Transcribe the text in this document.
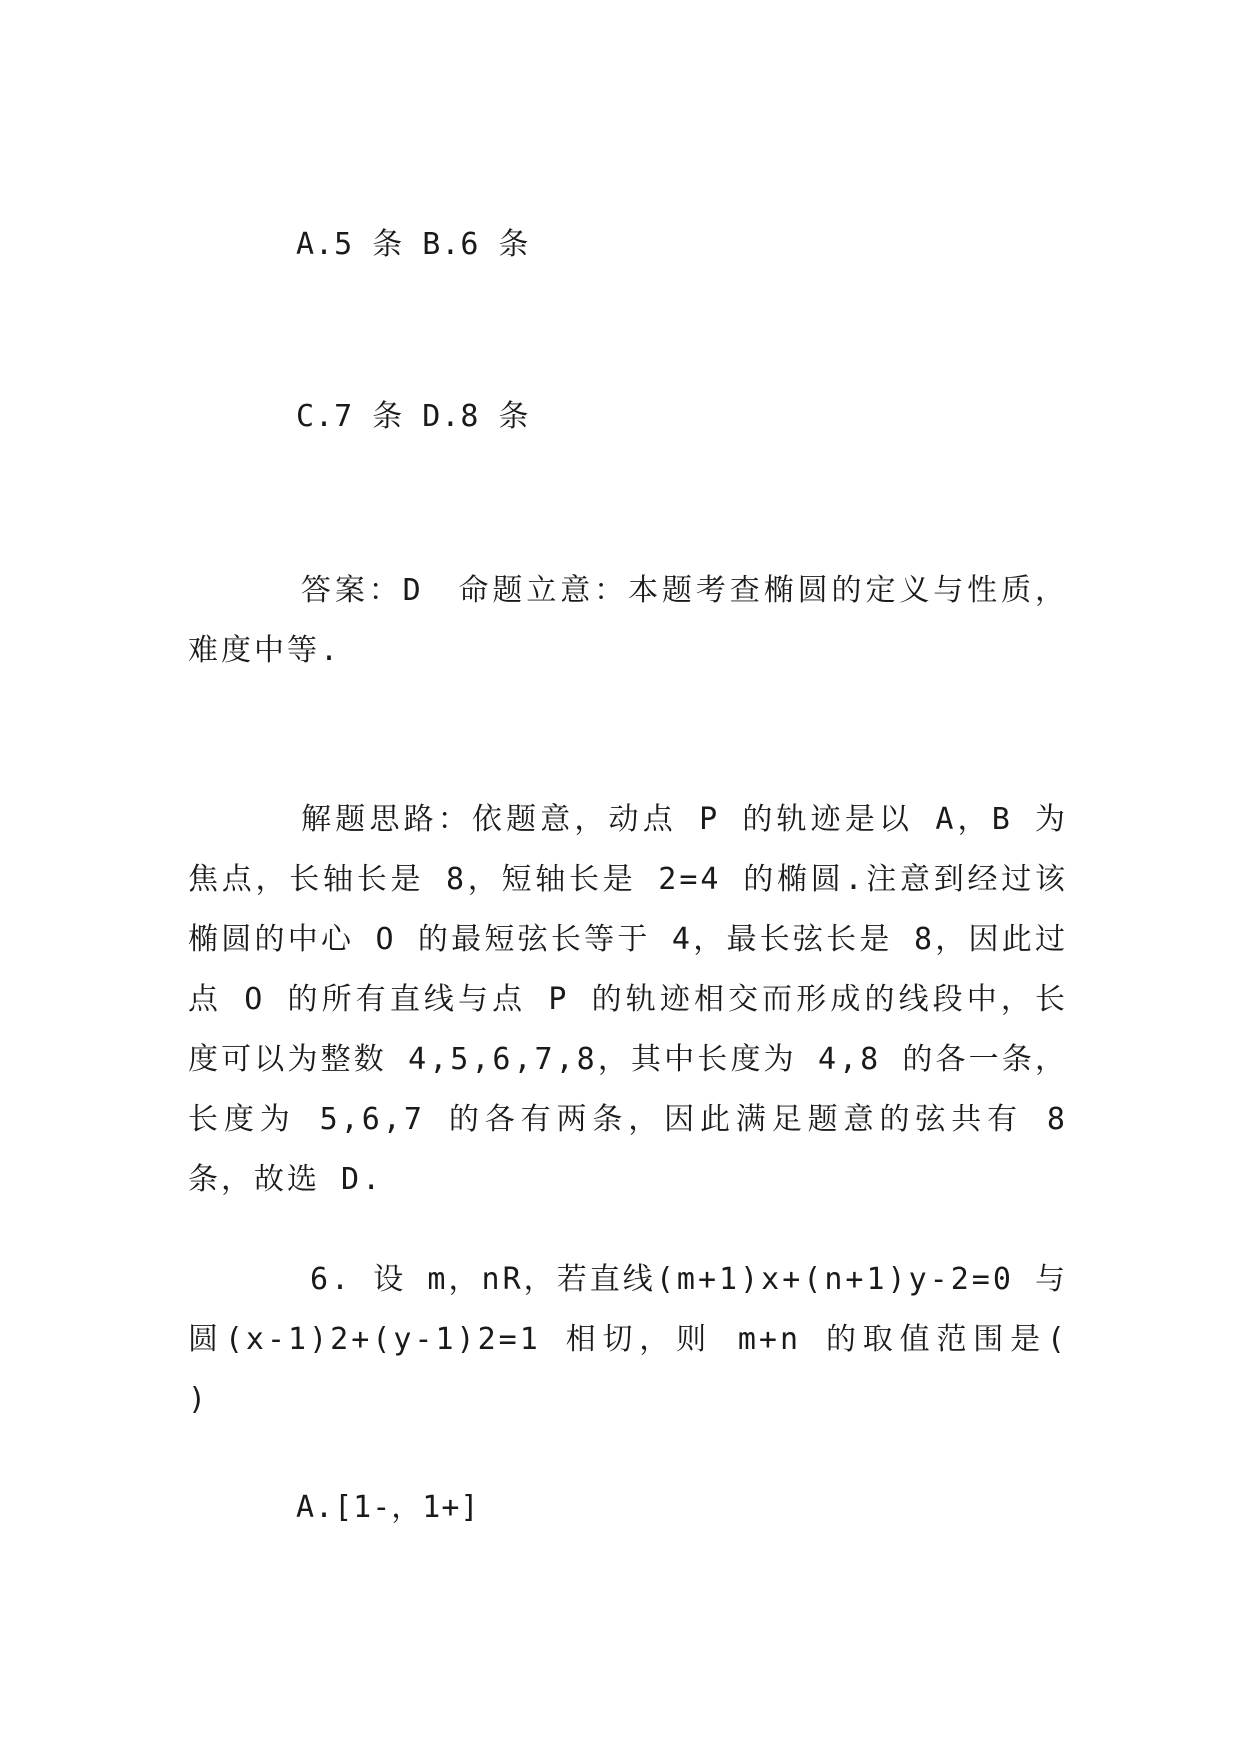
A.5 条 B.6 条
C.7 条 D.8 条
答案：D　命题立意：本题考查椭圆的定义与性质，难度中等.
解题思路：依题意，动点 P 的轨迹是以 A，B 为焦点，长轴长是 8，短轴长是 2=4 的椭圆.注意到经过该椭圆的中心 O 的最短弦长等于 4，最长弦长是 8，因此过点 O 的所有直线与点 P 的轨迹相交而形成的线段中，长度可以为整数 4,5,6,7,8，其中长度为 4,8 的各一条，长度为 5,6,7 的各有两条，因此满足题意的弦共有 8 条，故选 D.
6. 设 m，nR，若直线(m+1)x+(n+1)y-2=0 与圆(x-1)2+(y-1)2=1 相切，则 m+n 的取值范围是(　　)
A.[1-，1+]
